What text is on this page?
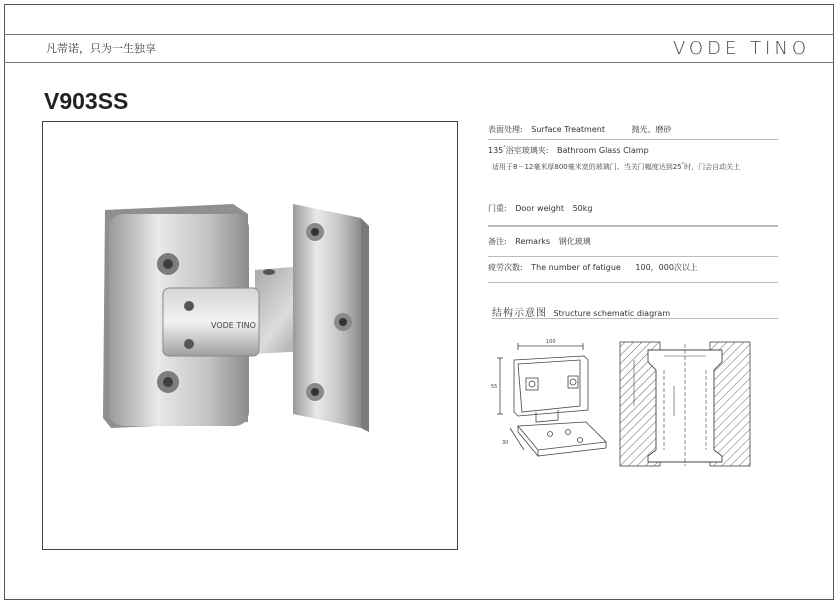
凡蒂诺，只为一生独享	VODE TINO
V903SS
VODE TINO
表面处理: Surface Treatment	抛光、磨砂
135°浴室玻璃夹: Bathroom Glass Clamp
适用于8－12毫米厚800毫米宽的玻璃门。当关门幅度达到25°时，门会自动关上
门重: Door weight 50kg
备注: Remarks 钢化玻璃
疲劳次数: The number of fatigue 100，000次以上
结构示意图 Structure schematic diagram
100
55
30
